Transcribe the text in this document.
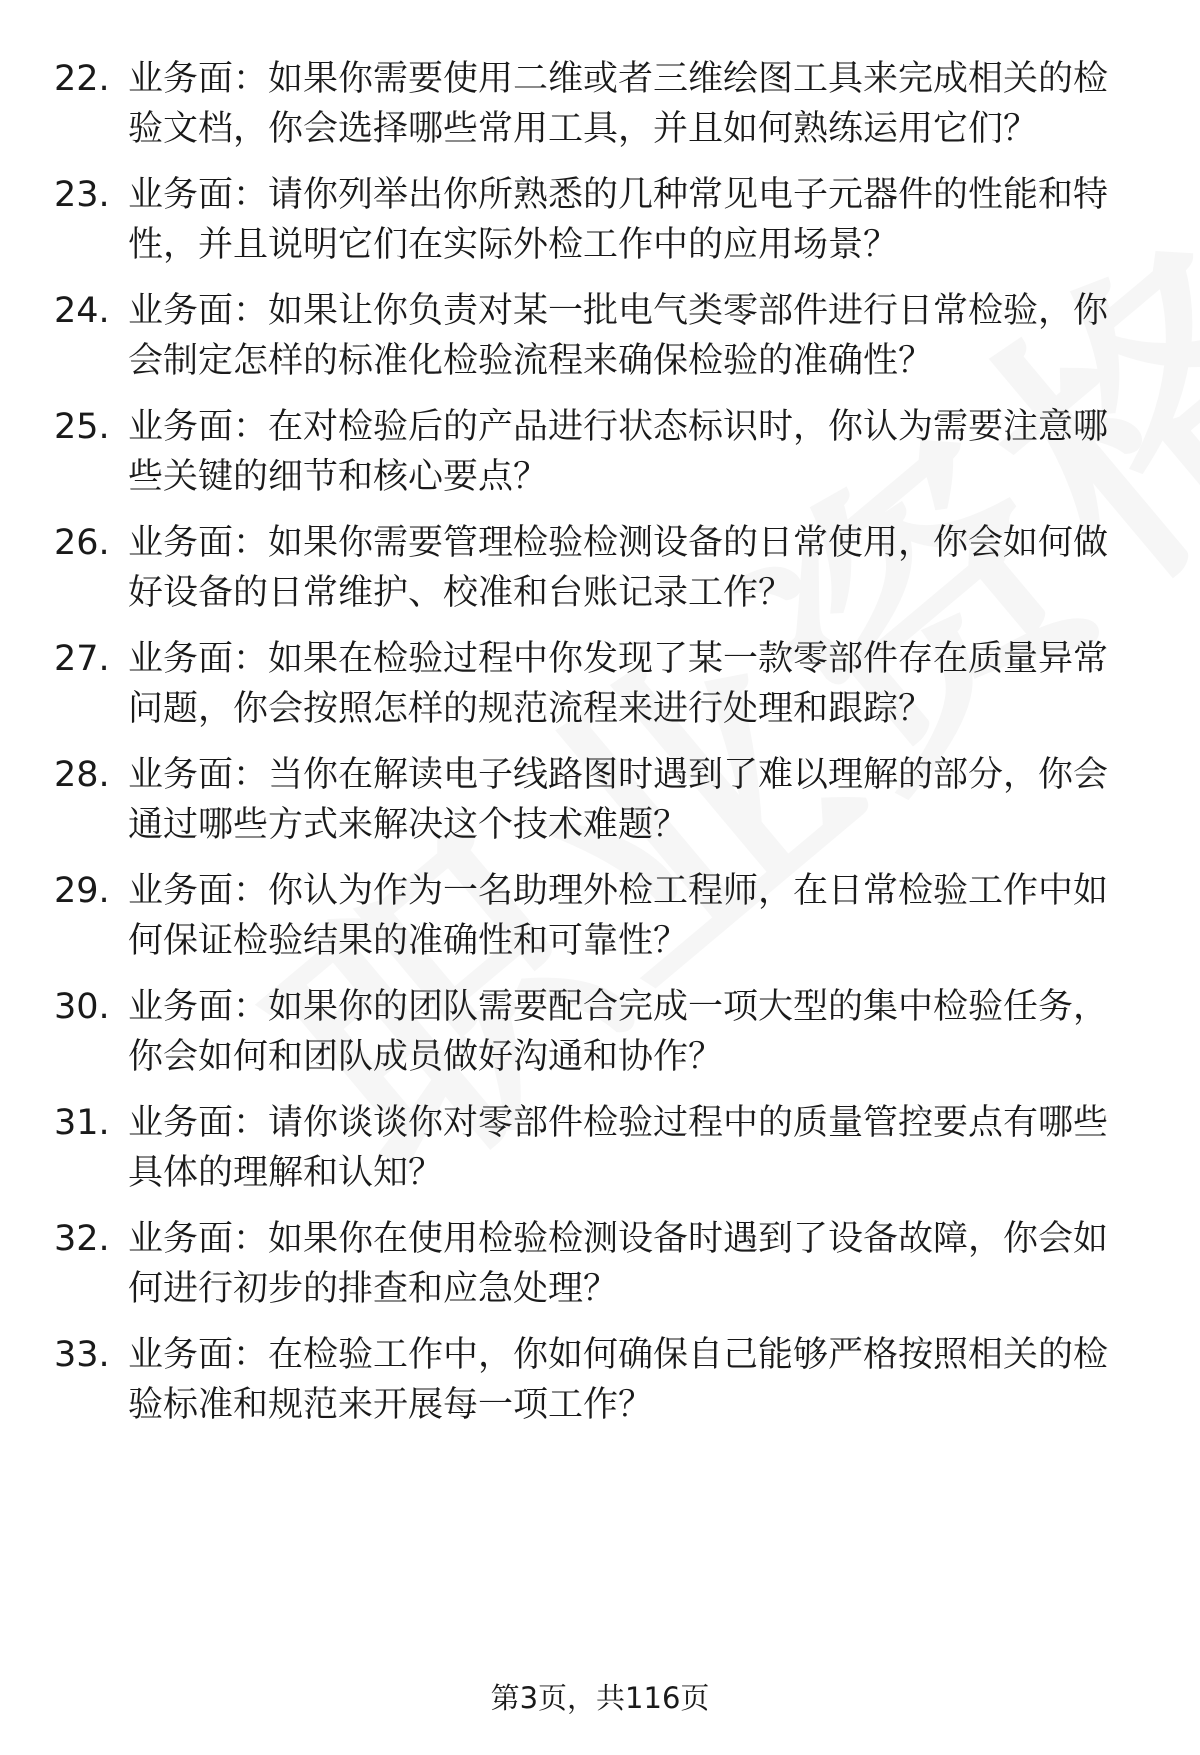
22. 业务面：如果你需要使用二维或者三维绘图工具来完成相关的检
验文档，你会选择哪些常用工具，并且如何熟练运用它们？
23. 业务面：请你列举出你所熟悉的几种常见电子元器件的性能和特
性，并且说明它们在实际外检工作中的应用场景？
24. 业务面：如果让你负责对某一批电气类零部件进行日常检验，你
会制定怎样的标准化检验流程来确保检验的准确性？
25. 业务面：在对检验后的产品进行状态标识时，你认为需要注意哪
些关键的细节和核心要点？
26. 业务面：如果你需要管理检验检测设备的日常使用，你会如何做
好设备的日常维护、校准和台账记录工作？
27. 业务面：如果在检验过程中你发现了某一款零部件存在质量异常
问题，你会按照怎样的规范流程来进行处理和跟踪？
28. 业务面：当你在解读电子线路图时遇到了难以理解的部分，你会
通过哪些方式来解决这个技术难题？
29. 业务面：你认为作为一名助理外检工程师，在日常检验工作中如
何保证检验结果的准确性和可靠性？
30. 业务面：如果你的团队需要配合完成一项大型的集中检验任务，
你会如何和团队成员做好沟通和协作？
31. 业务面：请你谈谈你对零部件检验过程中的质量管控要点有哪些
具体的理解和认知？
32. 业务面：如果你在使用检验检测设备时遇到了设备故障，你会如
何进行初步的排查和应急处理？
33. 业务面：在检验工作中，你如何确保自己能够严格按照相关的检
验标准和规范来开展每一项工作？
第3页，共116页
